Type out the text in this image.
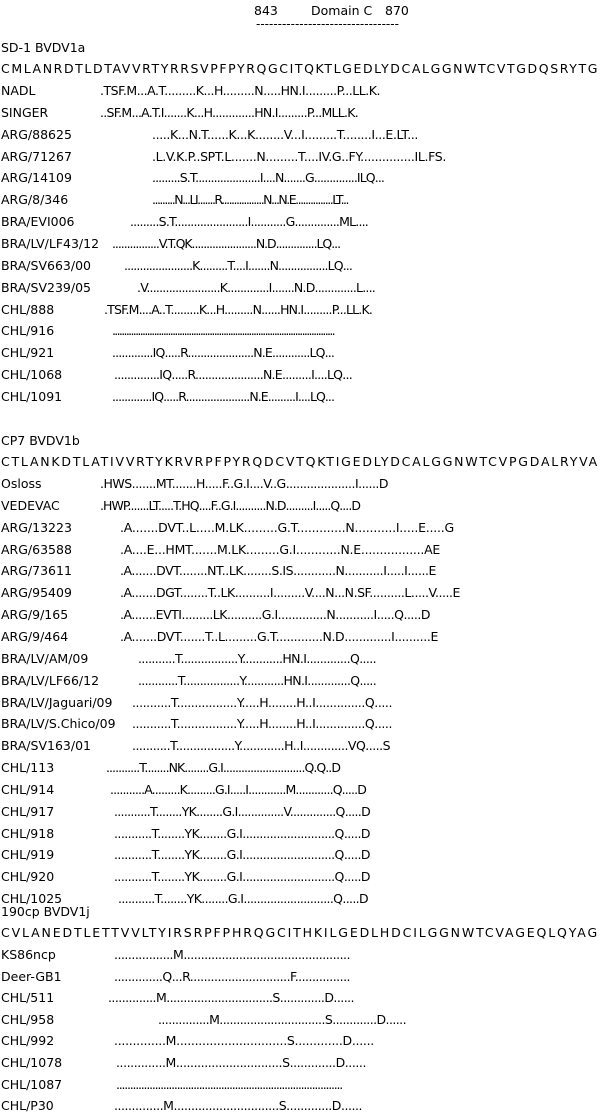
843	Domain C 870
---------------------------------
SD-1 BVDV1a
CMLANRDTLDTAVVRTYRRSVPFPYRQGCITQKTLGEDLYDCALGGNWTCVTGDQSRYTG
NADL	.TSF.M...A.T.........K...H.........N.....HN.I.........P...LL.K.
SINGER	..SF.M...A.T.I.......K...H.............HN.I.........P...MLL.K.
ARG/88625	.....K...N.T......K...K........V...I.........T........I...E.LT...
ARG/71267	.L.V.K.P..SPT.L.......N.........T....IV.G..FY...............IL.FS.
ARG/14109	.........S.T.....................I....N.......G..............ILQ...
ARG/8/346	.........N...LI.......R.................N...N.E...............LT...
BRA/EVI006	.........S.T.......................I...........G..............ML....
BRA/LV/LF43/12 ................V.T.QK......................N.D..............LQ...
BRA/SV663/00	......................K.........T....I.......N................LQ...
BRA/SV239/05	.V.......................K.............I.......N.D.............L....
CHL/888	.TSF.M....A..T.........K...H.........N......HN.I.........P...LL.K.
CHL/916	................................................................................................
CHL/921	.............IQ.....R.....................N.E............LQ...
CHL/1068	..............IQ.....R.....................N.E.........I....LQ...
CHL/1091	.............IQ.....R.....................N.E.........I....LQ...
CP7 BVDV1b
CTLANKDTLATIVVRTYKRVRPFPYRQDCVTQKTIGEDLYDCALGGNWTCVPGDALRYVA
Osloss	.HWS.......MT.......H.....F..G.I....V..G....................I......D
VEDEVAC	.HWP.......LT.....T.HQ....F..G.I..........N.D.........I.....Q....D
ARG/13223	.A.......DVT..L.....M.LK.........G.T.............N...........I.....E.....G
ARG/63588	.A....E...HMT.......M.LK.........G.I............N.E.................AE
ARG/73611	.A.......DVT........NT..LK........S.IS............N...........I.....I......E
ARG/95409	.A.......DGT........T..LK..........I.........V....N...N.SF..........L.....V.....E
ARG/9/165	.A.......EVTI.........LK..........G.I..............N...........I.....Q.....D
ARG/9/464	.A.......DVT.......T..L.........G.T.............N.D.............I..........E
BRA/LV/AM/09	...........T.................Y............HN.I.............Q.....
BRA/LV/LF66/12	............T.................Y............HN.I.............Q.....
BRA/LV/Jaguari/09 ...........T.................Y.....H........H..I..............Q.....
BRA/LV/S.Chico/09 ...........T.................Y.....H........H..I..............Q.....
BRA/SV163/01	...........T.................Y.............H..I.............VQ.....S
CHL/113	...........T........NK........G.I...........................Q.Q..D
CHL/914	...........A.........K.........G.I.....I............M............Q.....D
CHL/917	...........T........YK........G.I..............V..............Q.....D
CHL/918	...........T........YK........G.I...........................Q.....D
CHL/919	...........T........YK........G.I...........................Q.....D
CHL/920	...........T........YK........G.I...........................Q.....D
CHL/1025	...........T........YK........G.I...........................Q.....D
190cp BVDV1j
CVLANEDTLETTVVLTYIRSRPFPHRQGCITHKILGEDLHDCILGGNWTCVAGEQLQYAG
KS86ncp	.................M................................................
Deer-GB1	..............Q...R.............................F................
CHL/511	..............M...............................S.............D......
CHL/958	...............M...............................S.............D......
CHL/992	..............M..............................S.............D......
CHL/1078	..............M..............................S.............D......
CHL/1087	..................................................................................
CHL/P30	..............M..............................S.............D......
